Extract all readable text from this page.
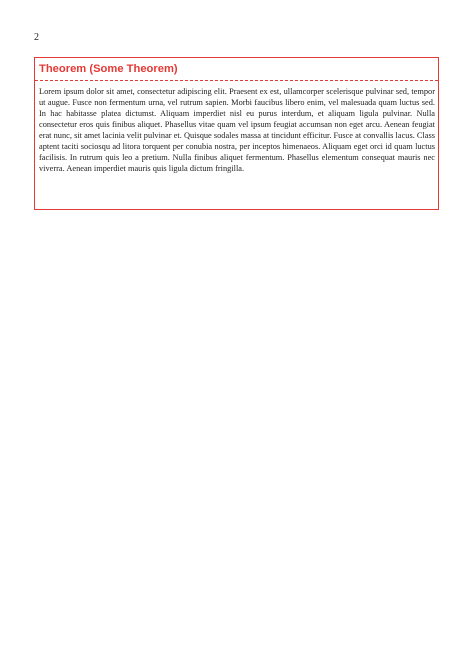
2
Theorem (Some Theorem)
Lorem ipsum dolor sit amet, consectetur adipiscing elit. Praesent ex est, ullamcorper scelerisque pulvinar sed, tempor ut augue. Fusce non fermentum urna, vel rutrum sapien. Morbi faucibus libero enim, vel malesuada quam luctus sed. In hac habitasse platea dictumst. Aliquam imperdiet nisl eu purus interdum, et aliquam ligula pulvinar. Nulla consectetur eros quis finibus aliquet. Phasellus vitae quam vel ipsum feugiat accumsan non eget arcu. Aenean feugiat erat nunc, sit amet lacinia velit pulvinar et. Quisque sodales massa at tincidunt efficitur. Fusce at convallis lacus. Class aptent taciti sociosqu ad litora torquent per conubia nostra, per inceptos himenaeos. Aliquam eget orci id quam luctus facilisis. In rutrum quis leo a pretium. Nulla finibus aliquet fermentum. Phasellus elementum consequat mauris nec viverra. Aenean imperdiet mauris quis ligula dictum fringilla.
